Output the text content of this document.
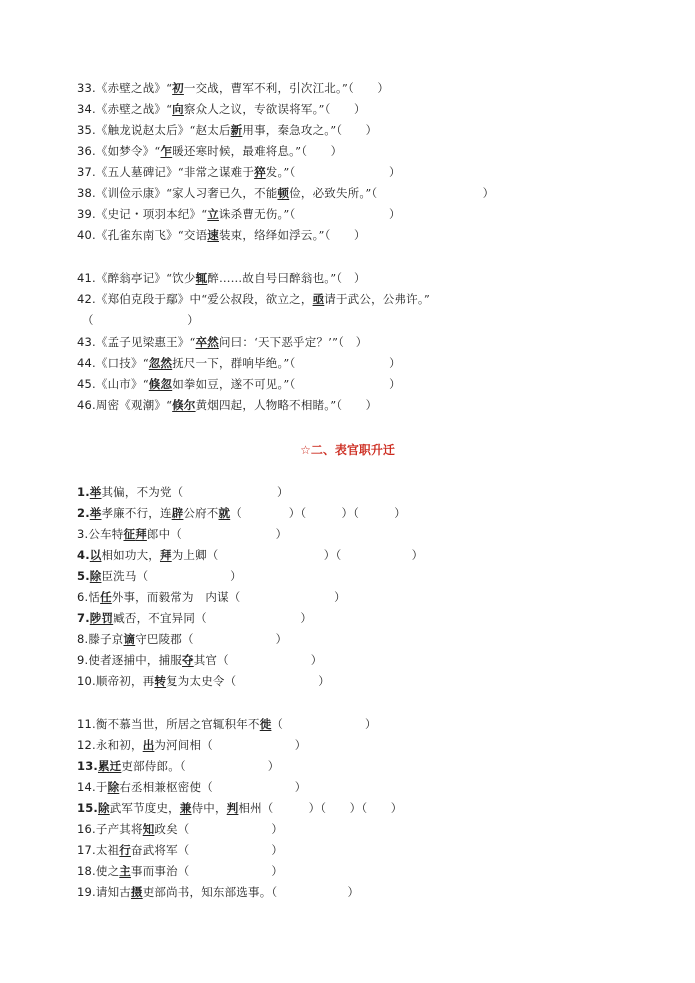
33.《赤壁之战》“初一交战，曹军不利，引次江北。”（　　）
34.《赤壁之战》“向察众人之议，专欲误将军。”（　　）
35.《触龙说赵太后》“赵太后新用事，秦急攻之。”（　　）
36.《如梦令》“乍暖还寒时候，最难将息。”（　　）
37.《五人墓碑记》“非常之谋难于猝发。”（　　　　　　　　）
38.《训俭示康》“家人习奢已久，不能顿俭，必致失所。”（　　　　　　　　　）
39.《史记・项羽本纪》“立诛杀曹无伤。”（　　　　　　　　）
40.《孔雀东南飞》“交语速装束，络绎如浮云。”（　　）
41.《醉翁亭记》“饮少辄醉……故自号曰醉翁也。”（　）
42.《郑伯克段于鄢》中“爱公叔段，欲立之，亟请于武公，公弗许。”
43.《孟子见梁惠王》“卒然问曰：‘天下恶乎定？’”（　）
44.《口技》“忽然抚尺一下，群响毕绝。”（　　　　　　　　）
45.《山市》“倏忽如拳如豆，遂不可见。”（　　　　　　　　）
46.周密《观潮》“倏尔黄烟四起，人物略不相睹。”（　　）
（　　　　　　　　）
☆二、表官职升迁
1.举其偏，不为党（　　　　　　　　）
2.举孝廉不行，连辟公府不就（　　　　）（　　　）（　　　）
3.公车特征拜郎中（　　　　　　　　）
4.以相如功大，拜为上卿（　　　　　　　　　）（　　　　　　）
5.除臣洗马（　　　　　　　）
6.恬任外事，而毅常为　内谋（　　　　　　　　）
7.陟罚臧否，不宜异同（　　　　　　　　）
8.滕子京谪守巴陵郡（　　　　　　　）
9.使者逐捕中，捕服夺其官（　　　　　　　）
10.顺帝初，再转复为太史令（　　　　　　　）
11.衡不慕当世，所居之官辄积年不徙（　　　　　　　）
12.永和初，出为河间相（　　　　　　　）
13.累迁吏部侍郎。（　　　　　　　）
14.于除右丞相兼枢密使（　　　　　　　）
15.除武军节度史，兼侍中，判相州（　　　）（　　）（　　）
16.子产其将知政矣（　　　　　　　）
17.太祖行奋武将军（　　　　　　　）
18.使之主事而事治（　　　　　　　）
19.请知古摄吏部尚书，知东部选事。（　　　　　　）
